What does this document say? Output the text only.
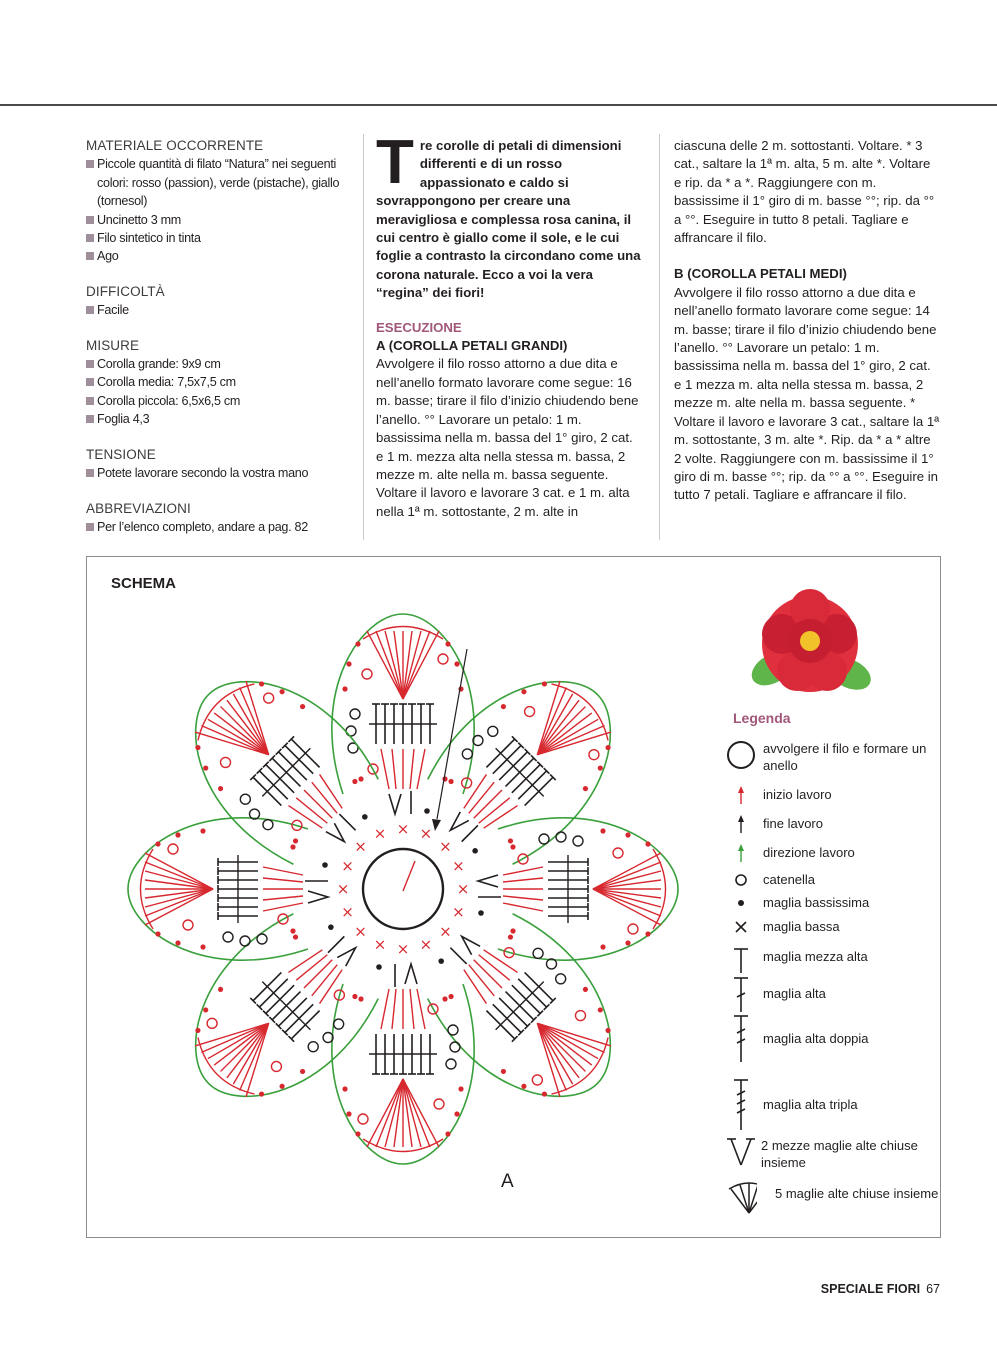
MATERIALE OCCORRENTE
Piccole quantità di filato “Natura” nei seguenti colori: rosso (passion), verde (pistache), giallo (tornesol)
Uncinetto 3 mm
Filo sintetico in tinta
Ago
DIFFICOLTÀ
Facile
MISURE
Corolla grande: 9x9 cm
Corolla media: 7,5x7,5 cm
Corolla piccola: 6,5x6,5 cm
Foglia 4,3
TENSIONE
Potete lavorare secondo la vostra mano
ABBREVIAZIONI
Per l’elenco completo, andare a pag. 82
Tre corolle di petali di dimensioni differenti e di un rosso appassionato e caldo si sovrappongono per creare una meravigliosa e complessa rosa canina, il cui centro è giallo come il sole, e le cui foglie a contrasto la circondano come una corona naturale. Ecco a voi la vera “regina” dei fiori!
ESECUZIONE
A (COROLLA PETALI GRANDI)
Avvolgere il filo rosso attorno a due dita e nell’anello formato lavorare come segue: 16 m. basse; tirare il filo d’inizio chiudendo bene l’anello. °° Lavorare un petalo: 1 m. bassissima nella m. bassa del 1° giro, 2 cat. e 1 m. mezza alta nella stessa m. bassa, 2 mezze m. alte nella m. bassa seguente. Voltare il lavoro e lavorare 3 cat. e 1 m. alta nella 1ª m. sottostante, 2 m. alte in
ciascuna delle 2 m. sottostanti. Voltare. * 3 cat., saltare la 1ª m. alta, 5 m. alte *. Voltare e rip. da * a *. Raggiungere con m. bassissime il 1° giro di m. basse °°; rip. da °° a °°. Eseguire in tutto 8 petali. Tagliare e affrancare il filo.
B (COROLLA PETALI MEDI)
Avvolgere il filo rosso attorno a due dita e nell’anello formato lavorare come segue: 14 m. basse; tirare il filo d’inizio chiudendo bene l’anello. °° Lavorare un petalo: 1 m. bassissima nella m. bassa del 1° giro, 2 cat. e 1 mezza m. alta nella stessa m. bassa, 2 mezze m. alte nella m. bassa seguente. * Voltare il lavoro e lavorare 3 cat., saltare la 1ª m. sottostante, 3 m. alte *. Rip. da * a * altre 2 volte. Raggiungere con m. bassissime il 1° giro di m. basse °°; rip. da °° a °°. Eseguire in tutto 7 petali. Tagliare e affrancare il filo.
SCHEMA
×
×
×
×
×
×
×
×
×
×
×
× × ×
×
×
A
Legenda
avvolgere il filo e formare un anello
inizio lavoro
fine lavoro
direzione lavoro
catenella
maglia bassissima
maglia bassa
maglia mezza alta
maglia alta
maglia alta doppia
maglia alta tripla
2 mezze maglie alte chiuse insieme
5 maglie alte chiuse insieme
SPECIALE FIORI 67
